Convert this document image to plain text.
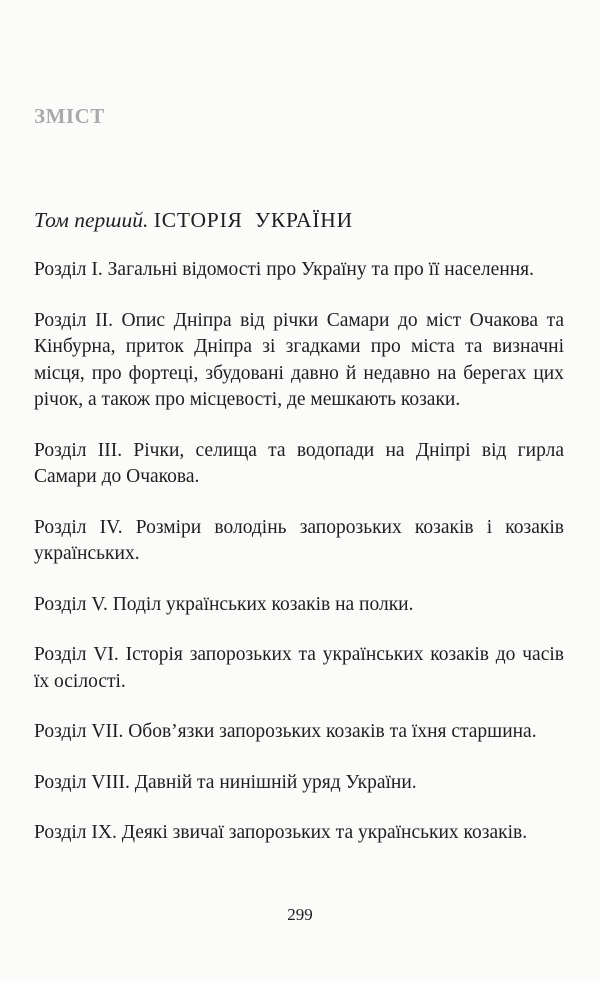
ЗМІСТ

Том перший. ІСТОРІЯ УКРАЇНИ

Розділ І. Загальні відомості про Україну та про її населення.
Розділ ІІ. Опис Дніпра від річки Самари до міст Очакова та Кінбурна, приток Дніпра зі згадками про міста та визначні місця, про фортеці, збудовані давно й недавно на берегах цих річок, а також про місцевості, де мешкають козаки.
Розділ ІІІ. Річки, селища та водопади на Дніпрі від гирла Самари до Очакова.
Розділ ІV. Розміри володінь запорозьких козаків і козаків українських.
Розділ V. Поділ українських козаків на полки.
Розділ VІ. Історія запорозьких та українських козаків до часів їх осілості.
Розділ VІІ. Обов’язки запорозьких козаків та їхня старшина.
Розділ VІІІ. Давній та нинішній уряд України.
Розділ ІХ. Деякі звичаї запорозьких та українських козаків.

299
